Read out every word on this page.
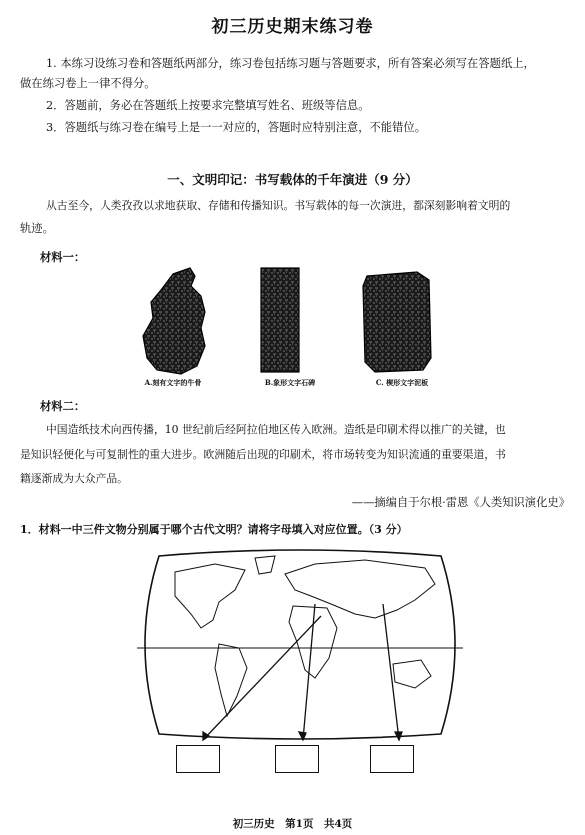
初三历史期末练习卷
1. 本练习设练习卷和答题纸两部分，练习卷包括练习题与答题要求，所有答案必须写在答题纸上，
做在练习卷上一律不得分。
2．答题前，务必在答题纸上按要求完整填写姓名、班级等信息。
3．答题纸与练习卷在编号上是一一对应的，答题时应特别注意，不能错位。
一、文明印记：书写载体的千年演进（9 分）
从古至今，人类孜孜以求地获取、存储和传播知识。书写载体的每一次演进，都深刻影响着文明的
轨迹。
材料一：
A.刻有文字的牛骨	B.象形文字石碑	C. 楔形文字泥板
材料二：
中国造纸技术向西传播，10 世纪前后经阿拉伯地区传入欧洲。造纸是印刷术得以推广的关键，也
是知识轻便化与可复制性的重大进步。欧洲随后出现的印刷术，将市场转变为知识流通的重要渠道，书
籍逐渐成为大众产品。
——摘编自于尔根·雷恩《人类知识演化史》
1．材料一中三件文物分别属于哪个古代文明？请将字母填入对应位置。（3 分）
初三历史　第1页　共4页
